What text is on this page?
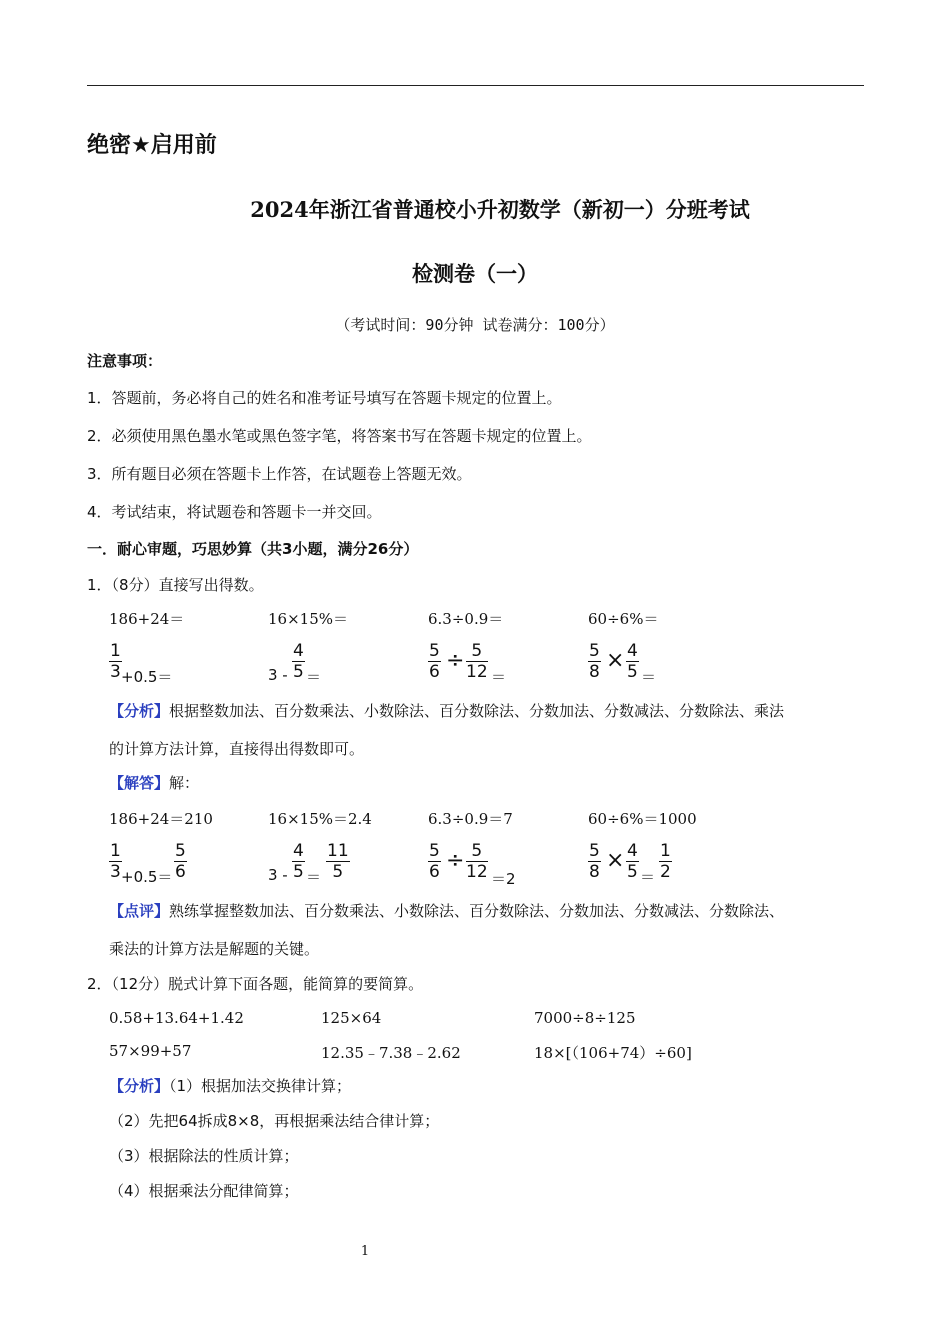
绝密★启用前
2024年浙江省普通校小升初数学（新初一）分班考试
检测卷（一）
（考试时间：90分钟 试卷满分：100分）
注意事项：
1．答题前，务必将自己的姓名和准考证号填写在答题卡规定的位置上。
2．必须使用黑色墨水笔或黑色签字笔，将答案书写在答题卡规定的位置上。
3．所有题目必须在答题卡上作答，在试题卷上答题无效。
4．考试结束，将试题卷和答题卡一并交回。
一．耐心审题，巧思妙算（共3小题，满分26分）
1．（8分）直接写出得数。
186+24＝	16×15%＝	6.3÷0.9＝	60÷6%＝
$\frac{1}{3} +0.5=$	$3 - \frac{4}{5}$ ＝	$\frac{5}{6} \div \frac{5}{12}$ ＝	$\frac{5}{8} \times \frac{4}{5}$ ＝
【分析】根据整数加法、百分数乘法、小数除法、百分数除法、分数加法、分数减法、分数除法、乘法
的计算方法计算，直接得出得数即可。
【解答】解：
186+24＝210	16×15%＝2.4	6.3÷0.9＝7	60÷6%＝1000
$\frac{1}{3} +0.5= \frac{5}{6}$	$3 - \frac{4}{5} = \frac{11}{5}$	$\frac{5}{6} \div \frac{5}{12} =2$	$\frac{5}{8} \times \frac{4}{5} = \frac{1}{2}$
【点评】熟练掌握整数加法、百分数乘法、小数除法、百分数除法、分数加法、分数减法、分数除法、
乘法的计算方法是解题的关键。
2．（12分）脱式计算下面各题，能简算的要简算。
0.58+13.64+1.42	125×64	7000÷8÷125
57×99+57	12.35﹣7.38﹣2.62	18×[（106+74）÷60]
【分析】（1）根据加法交换律计算；
（2）先把64拆成8×8，再根据乘法结合律计算；
（3）根据除法的性质计算；
（4）根据乘法分配律简算；
1
